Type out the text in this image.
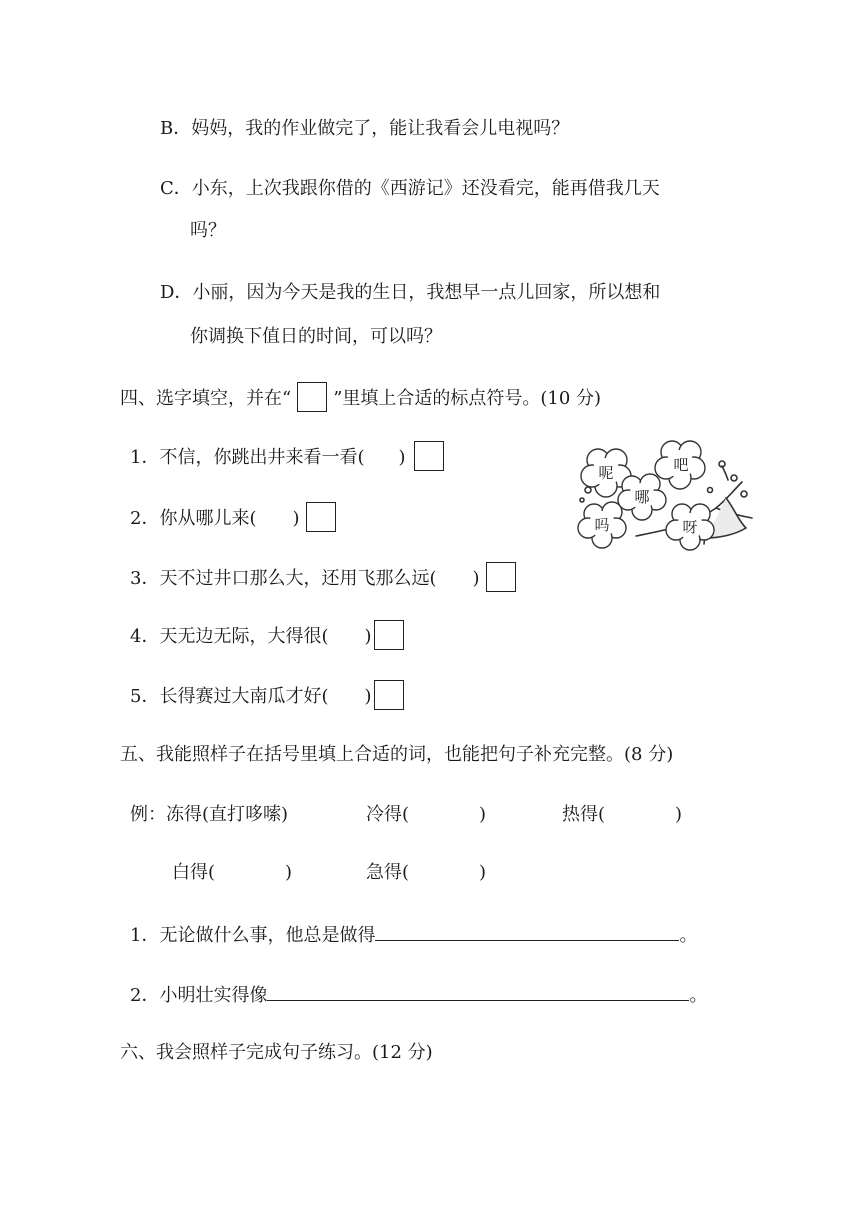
B．妈妈，我的作业做完了，能让我看会儿电视吗？
C．小东，上次我跟你借的《西游记》还没看完，能再借我几天
吗？
D．小丽，因为今天是我的生日，我想早一点儿回家，所以想和
你调换下值日的时间，可以吗？
四、选字填空，并在“ ”里填上合适的标点符号。(10 分)
1．不信，你跳出井来看一看( )
2．你从哪儿来( )
3．天不过井口那么大，还用飞那么远( )
4．天无边无际，大得很( )
5．长得赛过大南瓜才好( )
呢	吧
哪
吗	呀
五、我能照样子在括号里填上合适的词，也能把句子补充完整。(8 分)
例：冻得(直打哆嗦)	冷得(	)	热得(	)
白得(	)	急得(	)
1．无论做什么事，他总是做得	。
2．小明壮实得像	。
六、我会照样子完成句子练习。(12 分)
